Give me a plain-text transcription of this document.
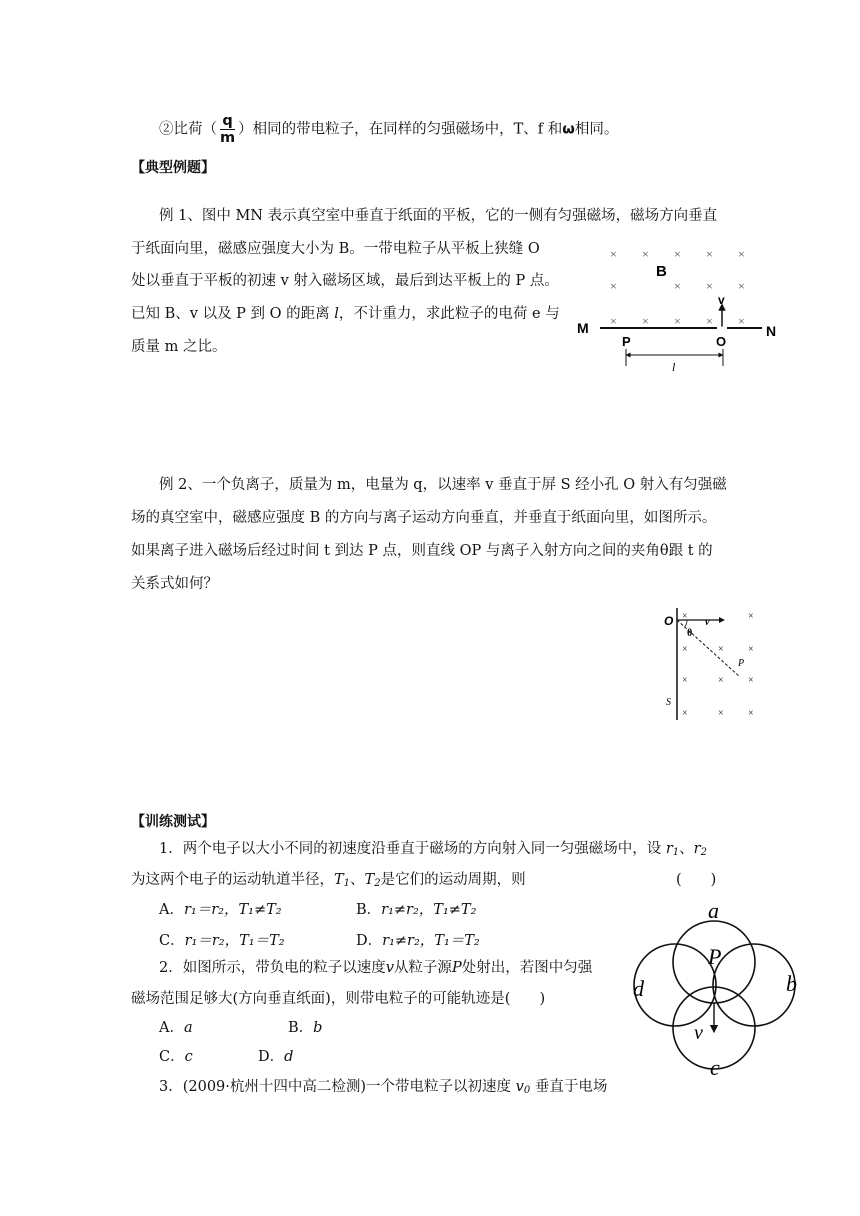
②比荷（ $\frac{q}{m}$ ）相同的带电粒子，在同样的匀强磁场中，T、f 和ω相同。
【典型例题】
例 1、图中 MN 表示真空室中垂直于纸面的平板，它的一侧有匀强磁场，磁场方向垂直
于纸面向里，磁感应强度大小为 B。一带电粒子从平板上狭缝 O
处以垂直于平板的初速 v 射入磁场区域，最后到达平板上的 P 点。
已知 B、v 以及 P 到 O 的距离 l，不计重力，求此粒子的电荷 e 与
质量 m 之比。
× × × × ×
×	× × ×
× × × × ×
B
v
M	N
P	O
l
例 2、一个负离子，质量为 m，电量为 q，以速率 v 垂直于屏 S 经小孔 O 射入有匀强磁
场的真空室中，磁感应强度 B 的方向与离子运动方向垂直，并垂直于纸面向里，如图所示。
如果离子进入磁场后经过时间 t 到达 P 点，则直线 OP 与离子入射方向之间的夹角θ跟 t 的
关系式如何？
O	v
θ
P
S
×	×
×	× ×
×	× ×
×	× ×
【训练测试】
1．两个电子以大小不同的初速度沿垂直于磁场的方向射入同一匀强磁场中，设 $r_1$、$r_2$
为这两个电子的运动轨道半径，$T_1$、$T_2$是它们的运动周期，则	(　　)
A．r₁＝r₂，T₁≠T₂	B．r₁≠r₂，T₁≠T₂
C．r₁＝r₂，T₁＝T₂	D．r₁≠r₂，T₁＝T₂
2．如图所示，带负电的粒子以速度v从粒子源P处射出，若图中匀强
磁场范围足够大(方向垂直纸面)，则带电粒子的可能轨迹是(　　)
A．a	B．b
C．c	D．d
a
b
c
d
P
v
3．(2009·杭州十四中高二检测)一个带电粒子以初速度 $v_0$ 垂直于电场
